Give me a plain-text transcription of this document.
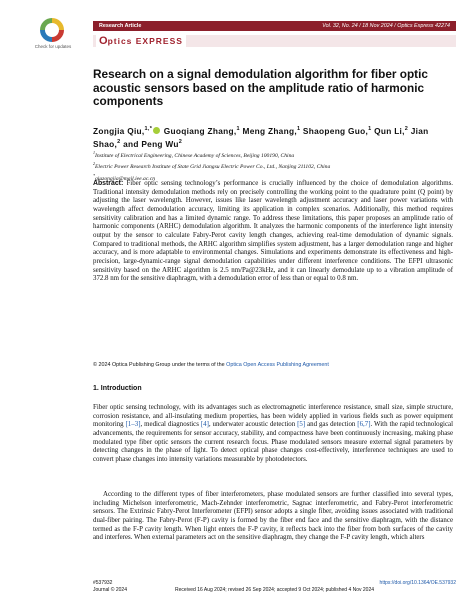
Check for updates
Research Article	Vol. 32, No. 24 / 18 Nov 2024 / Optics Express 42274
Optics EXPRESS
Research on a signal demodulation algorithm for fiber optic acoustic sensors based on the amplitude ratio of harmonic components
Zongjia Qiu,$^{1,*}$ Guoqiang Zhang,$^1$ Meng Zhang,$^1$ Shaopeng Guo,$^1$ Qun Li,$^2$ Jian Shao,$^2$ and Peng Wu$^2$
$^1$Institute of Electrical Engineering, Chinese Academy of Sciences, Beijing 100190, China
$^2$Electric Power Research Institute of State Grid Jiangsu Electric Power Co., Ltd., Nanjing 211102, China
*qiuzongjia@mail.iee.ac.cn

Abstract: Fiber optic sensing technology’s performance is crucially influenced by the choice of demodulation algorithms. Traditional intensity demodulation methods rely on precisely controlling the working point to the quadrature point (Q point) by adjusting the laser wavelength. However, issues like laser wavelength adjustment accuracy and laser power variations with wavelength affect demodulation accuracy, limiting its application in complex scenarios. Additionally, this method requires sensitivity calibration and has a limited dynamic range. To address these limitations, this paper proposes an amplitude ratio of harmonic components (ARHC) demodulation algorithm. It analyzes the harmonic components of the interference light intensity output by the sensor to calculate Fabry-Perot cavity length changes, achieving real-time demodulation of dynamic signals. Compared to traditional methods, the ARHC algorithm simplifies system adjustment, has a larger demodulation range and higher accuracy, and is more adaptable to environmental changes. Simulations and experiments demonstrate its effectiveness and high-precision, large-dynamic-range signal demodulation capabilities under different interference conditions. The EFPI ultrasonic sensitivity based on the ARHC algorithm is 2.5 nm/Pa@23kHz, and it can linearly demodulate up to a vibration amplitude of 372.8 nm for the sensitive diaphragm, with a demodulation error of less than or equal to 0.8 nm.

© 2024 Optica Publishing Group under the terms of the Optica Open Access Publishing Agreement
1. Introduction

Fiber optic sensing technology, with its advantages such as electromagnetic interference resistance, small size, simple structure, corrosion resistance, and all-insulating medium properties, has been widely applied in various fields such as power equipment monitoring [1–3], medical diagnostics [4], underwater acoustic detection [5] and gas detection [6,7]. With the rapid technological advancements, the requirements for sensor accuracy, stability, and compactness have been continuously increasing, making phase modulated type fiber optic sensors the current research focus. Phase modulated sensors measure external signal parameters by detecting changes in the phase of light. To detect optical phase changes cost-effectively, interference techniques are used to convert phase changes into intensity variations measurable by photodetectors.

According to the different types of fiber interferometers, phase modulated sensors are further classified into several types, including Michelson interferometric, Mach-Zehnder interferometric, Sagnac interferometric, and Fabry-Perot interferometric sensors. The Extrinsic Fabry-Perot Interferometer (EFPI) sensor adopts a single fiber, avoiding issues associated with traditional dual-fiber pairing. The Fabry-Perot (F-P) cavity is formed by the fiber end face and the sensitive diaphragm, with the distance termed as the F-P cavity length. When light enters the F-P cavity, it reflects back into the fiber from both surfaces of the cavity and interferes. When external parameters act on the sensitive diaphragm, they change the F-P cavity length, which alters

#537932	https://doi.org/10.1364/OE.537932
Journal © 2024	Received 16 Aug 2024; revised 26 Sep 2024; accepted 9 Oct 2024; published 4 Nov 2024
